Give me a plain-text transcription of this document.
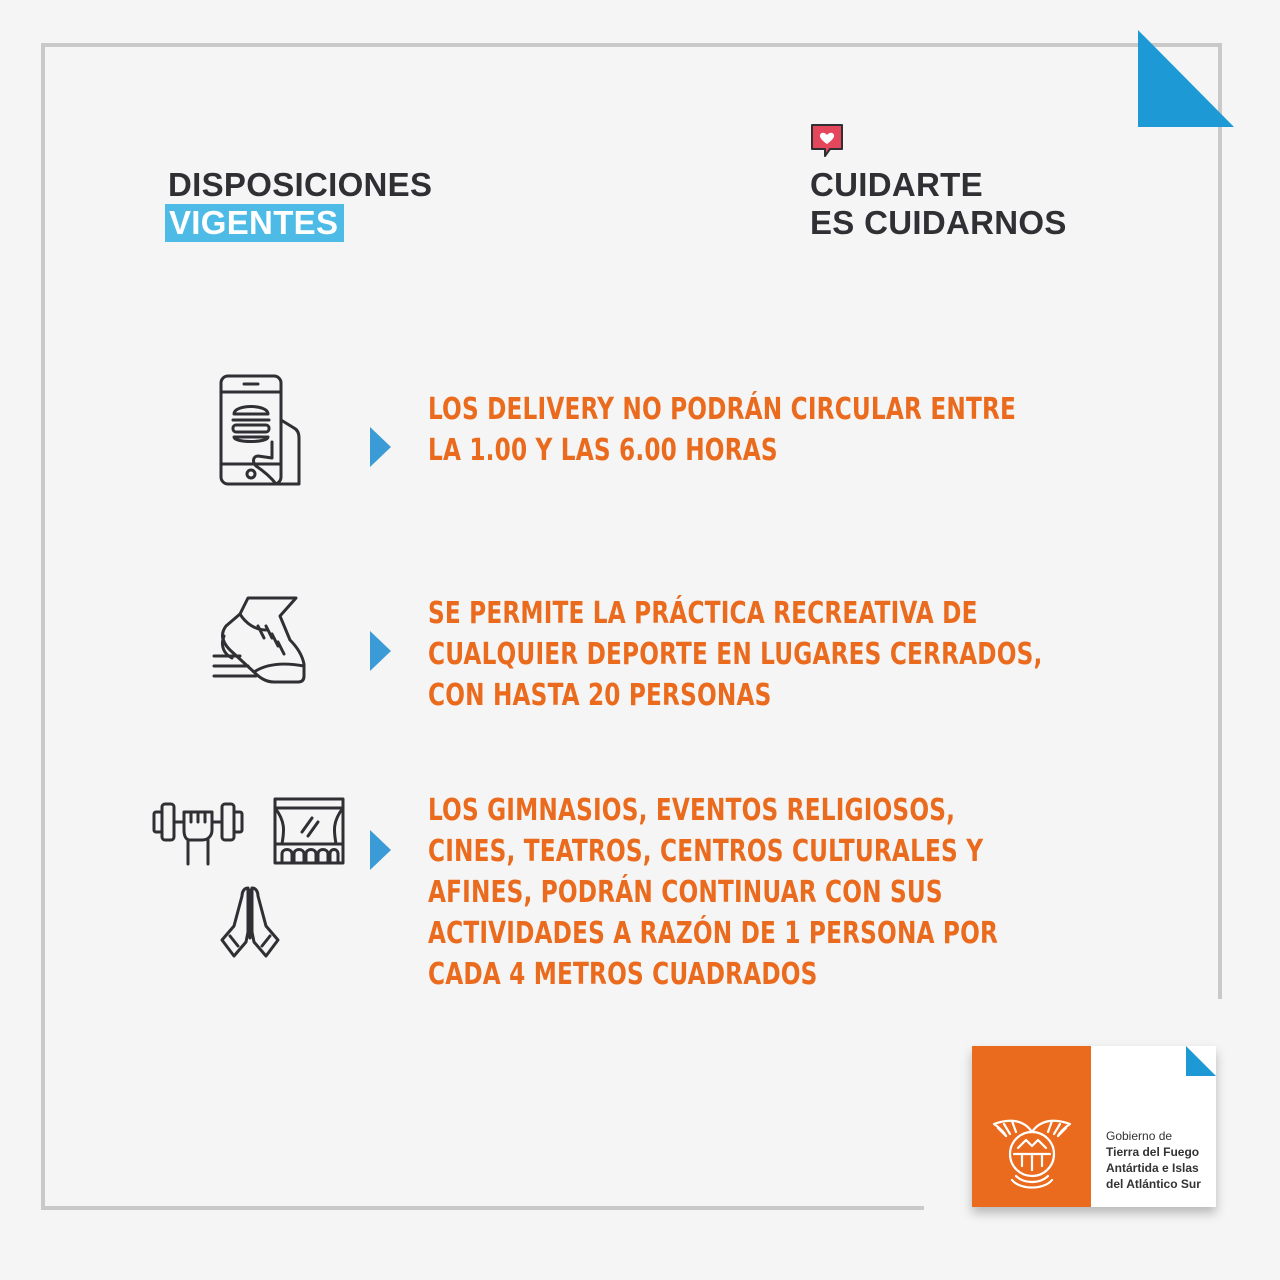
DISPOSICIONES
VIGENTES
CUIDARTE
ES CUIDARNOS
LOS DELIVERY NO PODRÁN CIRCULAR ENTRE
LA 1.00 Y LAS 6.00 HORAS
SE PERMITE LA PRÁCTICA RECREATIVA DE
CUALQUIER DEPORTE EN LUGARES CERRADOS,
CON HASTA 20 PERSONAS
LOS GIMNASIOS, EVENTOS RELIGIOSOS,
CINES, TEATROS, CENTROS CULTURALES Y
AFINES, PODRÁN CONTINUAR CON SUS
ACTIVIDADES A RAZÓN DE 1 PERSONA POR
CADA 4 METROS CUADRADOS
Gobierno de
Tierra del Fuego
Antártida e Islas
del Atlántico Sur
